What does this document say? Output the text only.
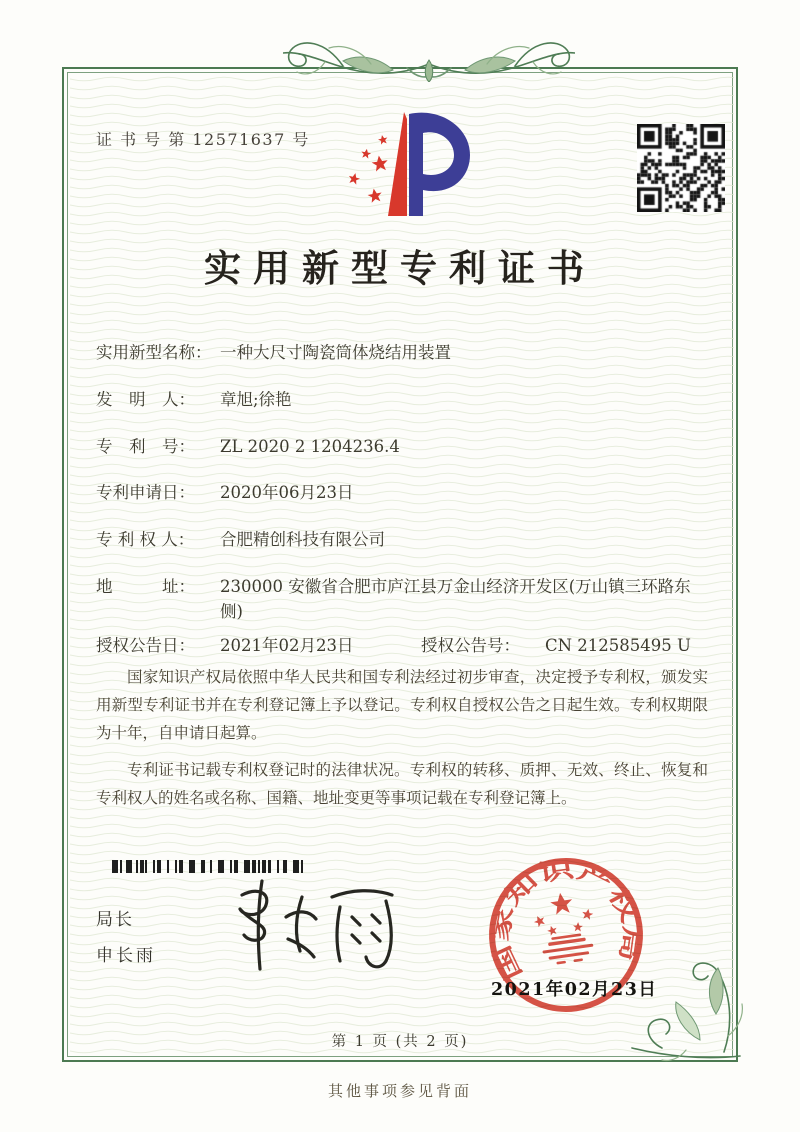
证 书 号 第 12571637 号
实用新型专利证书
实用新型名称： 一种大尺寸陶瓷筒体烧结用装置
发　明　人：	章旭;徐艳
专　利　号：	ZL 2020 2 1204236.4
专利申请日：	2020年06月23日
专 利 权 人：	合肥精创科技有限公司
地　　　址：	230000 安徽省合肥市庐江县万金山经济开发区(万山镇三环路东侧)
授权公告日：	2021年02月23日	授权公告号：	CN 212585495 U

国家知识产权局依照中华人民共和国专利法经过初步审查，决定授予专利权，颁发实用新型专利证书并在专利登记簿上予以登记。专利权自授权公告之日起生效。专利权期限为十年，自申请日起算。

专利证书记载专利权登记时的法律状况。专利权的转移、质押、无效、终止、恢复和专利权人的姓名或名称、国籍、地址变更等事项记载在专利登记簿上。

局长
申长雨	国家知识产权局
2021年02月23日
第 1 页 (共 2 页)
其他事项参见背面
